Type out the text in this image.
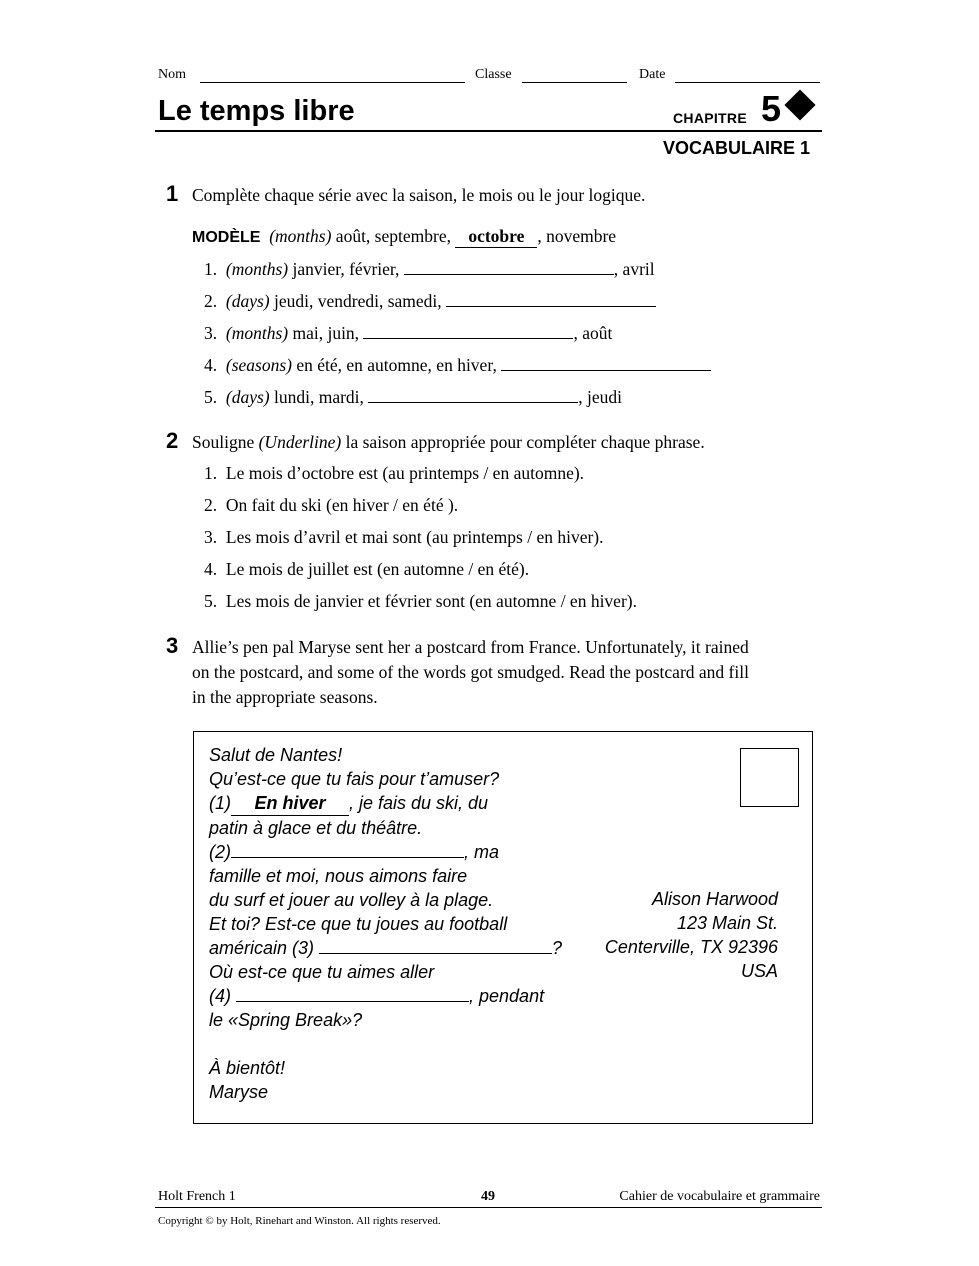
Nom	Classe	Date
Le temps libre	CHAPITRE 5
VOCABULAIRE 1
1 Complète chaque série avec la saison, le mois ou le jour logique.
MODÈLE (months) août, septembre, octobre , novembre
1. (months) janvier, février,	, avril
2. (days) jeudi, vendredi, samedi,
3. (months) mai, juin,	, août
4. (seasons) en été, en automne, en hiver,
5. (days) lundi, mardi,	, jeudi
2 Souligne (Underline) la saison appropriée pour compléter chaque phrase.
1. Le mois d’octobre est (au printemps / en automne).
2. On fait du ski (en hiver / en été ).
3. Les mois d’avril et mai sont (au printemps / en hiver).
4. Le mois de juillet est (en automne / en été).
5. Les mois de janvier et février sont (en automne / en hiver).
3 Allie’s pen pal Maryse sent her a postcard from France. Unfortunately, it rained
on the postcard, and some of the words got smudged. Read the postcard and fill
in the appropriate seasons.
Salut de Nantes!
Qu’est-ce que tu fais pour t’amuser?
(1) En hiver , je fais du ski, du
patin à glace et du théâtre.
(2)	, ma
famille et moi, nous aimons faire
du surf et jouer au volley à la plage.
Et toi? Est-ce que tu joues au football
américain (3)	?
Où est-ce que tu aimes aller
(4)	, pendant
le «Spring Break»?
À bientôt!
Maryse
Alison Harwood
123 Main St.
Centerville, TX 92396
USA
Holt French 1	49	Cahier de vocabulaire et grammaire
Copyright © by Holt, Rinehart and Winston. All rights reserved.
